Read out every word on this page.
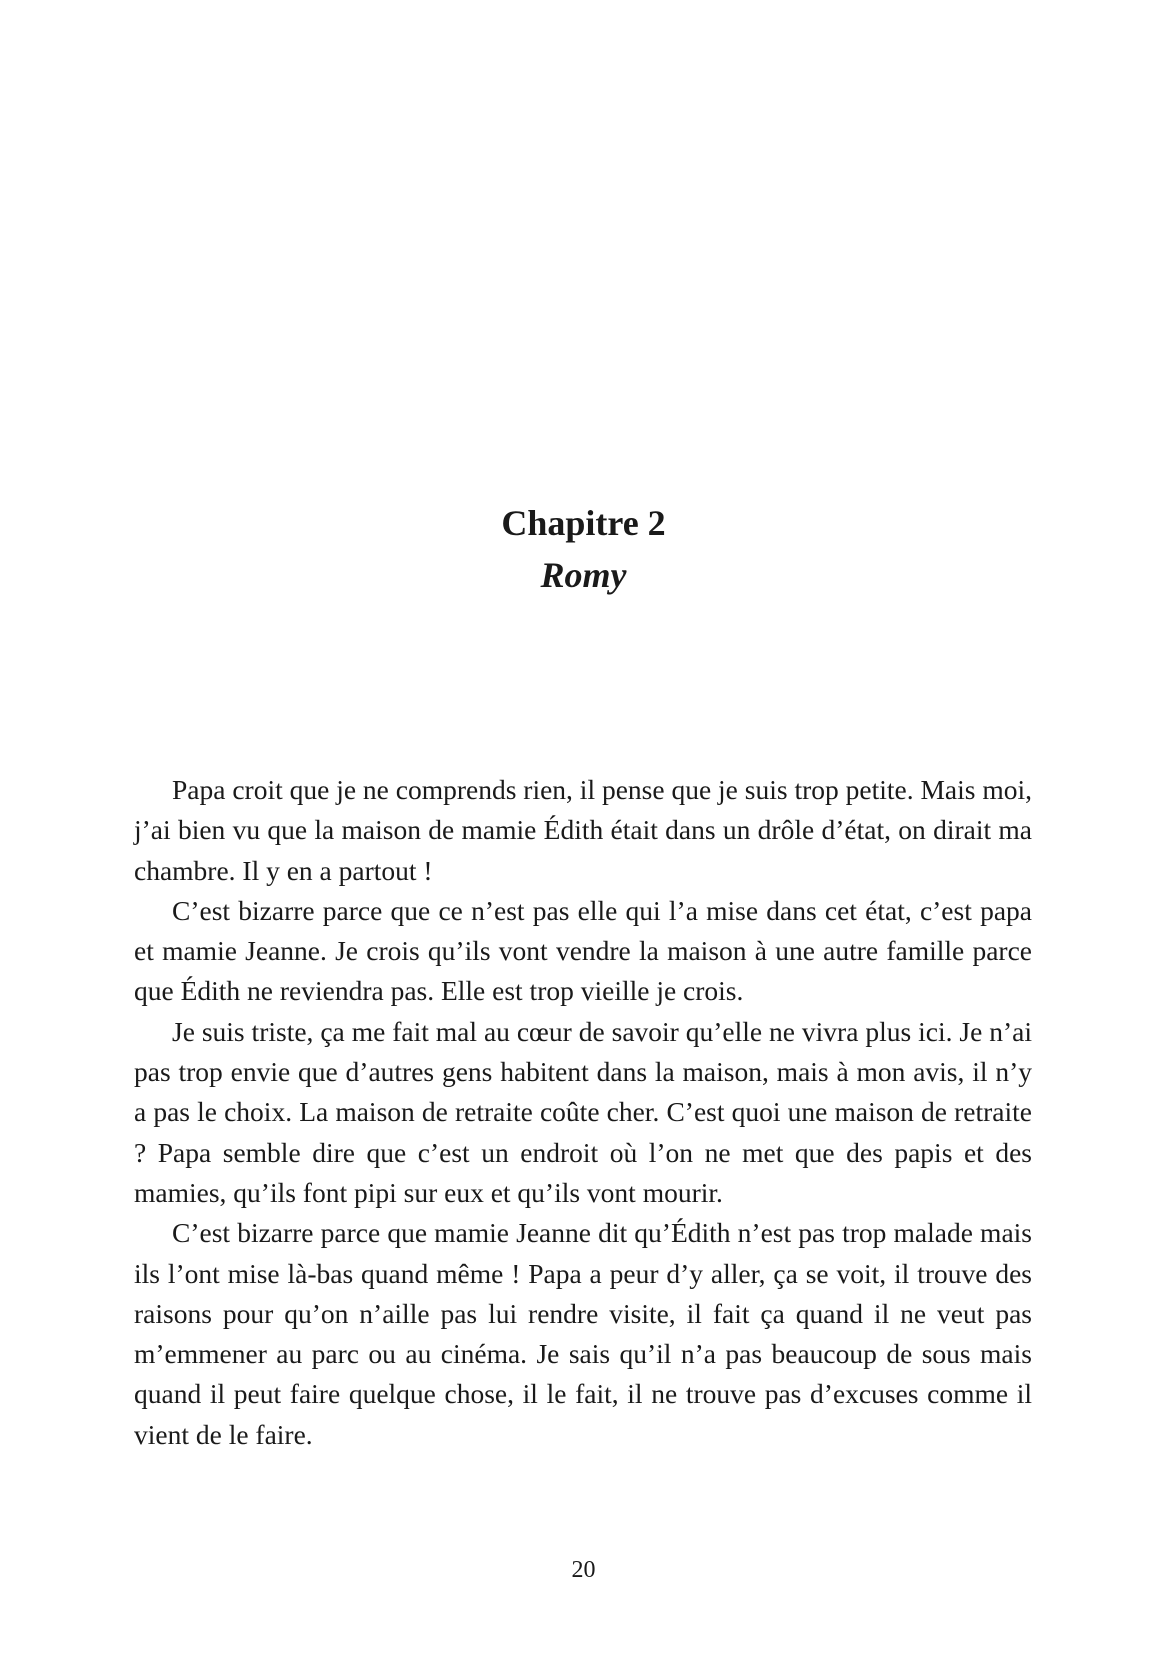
Chapitre 2
Romy

Papa croit que je ne comprends rien, il pense que je suis trop petite. Mais moi, j’ai bien vu que la maison de mamie Édith était dans un drôle d’état, on dirait ma chambre. Il y en a partout !

C’est bizarre parce que ce n’est pas elle qui l’a mise dans cet état, c’est papa et mamie Jeanne. Je crois qu’ils vont vendre la maison à une autre famille parce que Édith ne reviendra pas. Elle est trop vieille je crois.

Je suis triste, ça me fait mal au cœur de savoir qu’elle ne vivra plus ici. Je n’ai pas trop envie que d’autres gens habitent dans la maison, mais à mon avis, il n’y a pas le choix. La maison de retraite coûte cher. C’est quoi une maison de retraite ? Papa semble dire que c’est un endroit où l’on ne met que des papis et des mamies, qu’ils font pipi sur eux et qu’ils vont mourir.

C’est bizarre parce que mamie Jeanne dit qu’Édith n’est pas trop malade mais ils l’ont mise là-bas quand même ! Papa a peur d’y aller, ça se voit, il trouve des raisons pour qu’on n’aille pas lui rendre visite, il fait ça quand il ne veut pas m’emmener au parc ou au cinéma. Je sais qu’il n’a pas beaucoup de sous mais quand il peut faire quelque chose, il le fait, il ne trouve pas d’excuses comme il vient de le faire.

20
